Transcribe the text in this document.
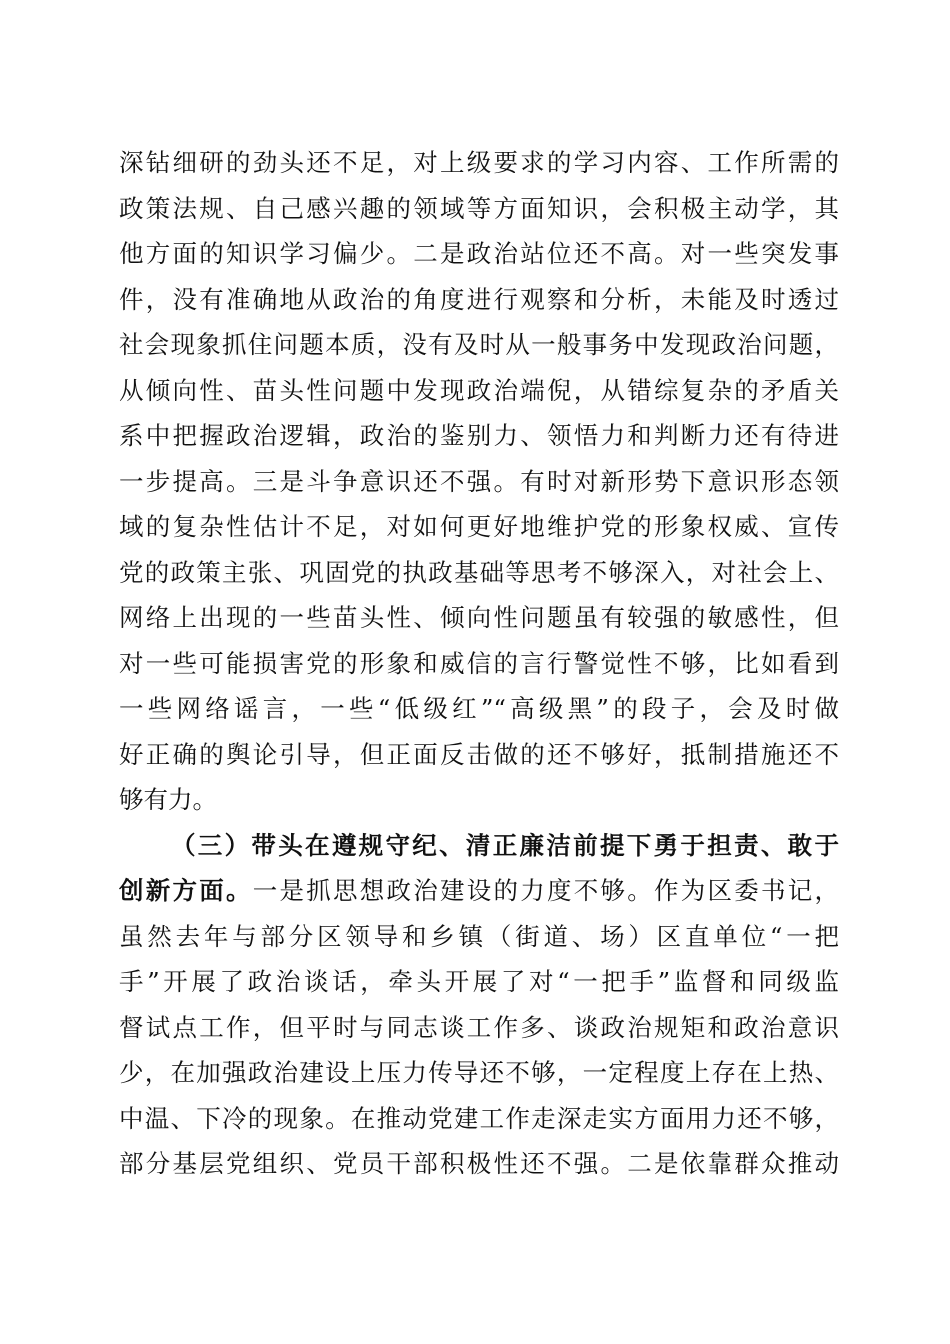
深钻细研的劲头还不足，对上级要求的学习内容、工作所需的
政策法规、自己感兴趣的领域等方面知识，会积极主动学，其
他方面的知识学习偏少。二是政治站位还不高。对一些突发事
件，没有准确地从政治的角度进行观察和分析，未能及时透过
社会现象抓住问题本质，没有及时从一般事务中发现政治问题，
从倾向性、苗头性问题中发现政治端倪，从错综复杂的矛盾关
系中把握政治逻辑，政治的鉴别力、领悟力和判断力还有待进
一步提高。三是斗争意识还不强。有时对新形势下意识形态领
域的复杂性估计不足，对如何更好地维护党的形象权威、宣传
党的政策主张、巩固党的执政基础等思考不够深入，对社会上、
网络上出现的一些苗头性、倾向性问题虽有较强的敏感性，但
对一些可能损害党的形象和威信的言行警觉性不够，比如看到
一些网络谣言，一些“低级红”“高级黑”的段子，会及时做
好正确的舆论引导，但正面反击做的还不够好，抵制措施还不
够有力。
（三）带头在遵规守纪、清正廉洁前提下勇于担责、敢于
创新方面。一是抓思想政治建设的力度不够。作为区委书记，
虽然去年与部分区领导和乡镇（街道、场）区直单位“一把
手”开展了政治谈话，牵头开展了对“一把手”监督和同级监
督试点工作，但平时与同志谈工作多、谈政治规矩和政治意识
少，在加强政治建设上压力传导还不够，一定程度上存在上热、
中温、下冷的现象。在推动党建工作走深走实方面用力还不够，
部分基层党组织、党员干部积极性还不强。二是依靠群众推动
